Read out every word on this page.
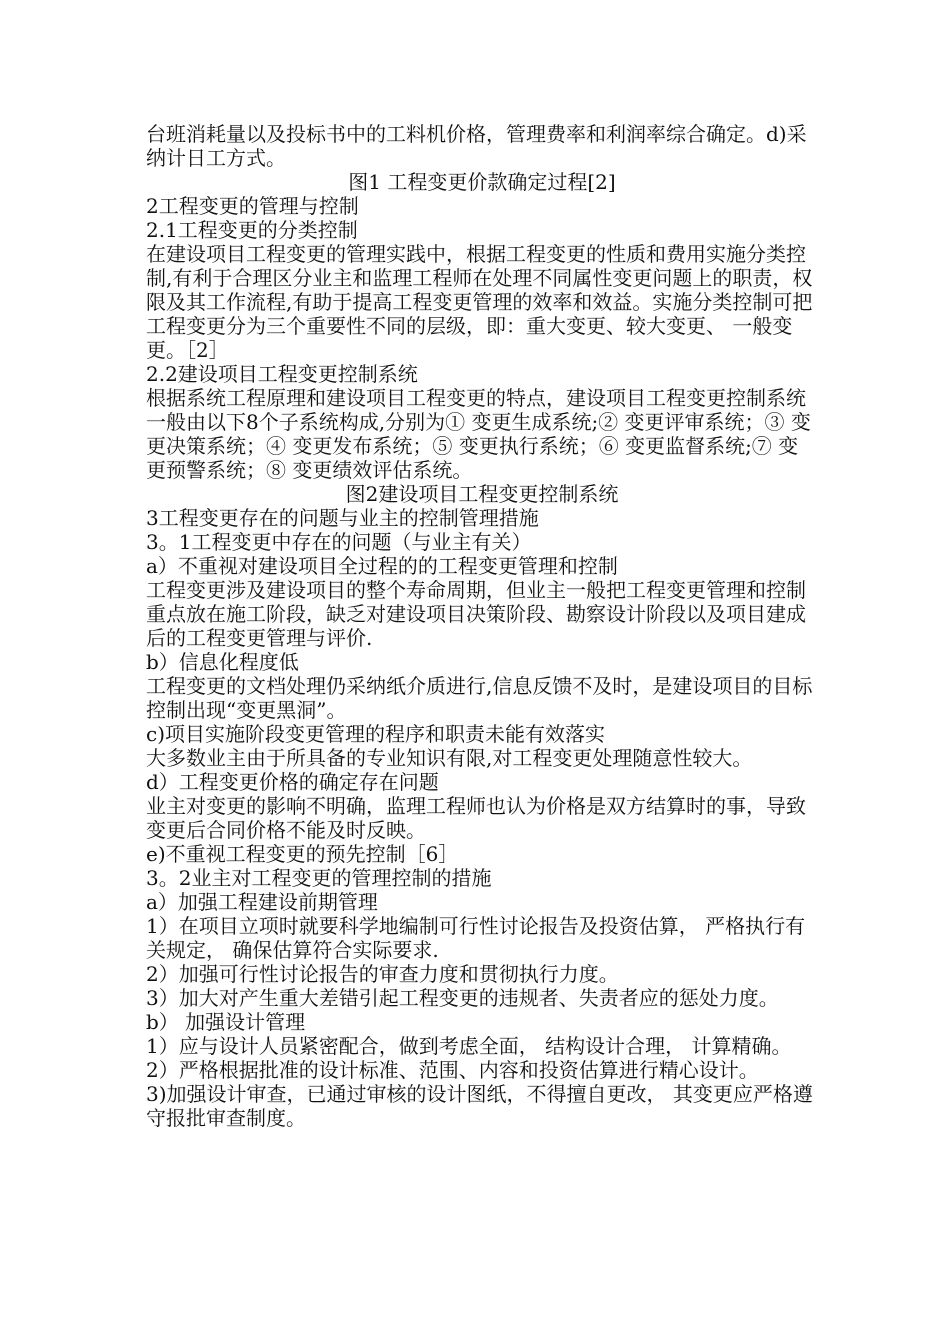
台班消耗量以及投标书中的工料机价格，管理费率和利润率综合确定。d)采纳计日工方式。

图1 工程变更价款确定过程[2]

2工程变更的管理与控制

2.1工程变更的分类控制

在建设项目工程变更的管理实践中，根据工程变更的性质和费用实施分类控制,有利于合理区分业主和监理工程师在处理不同属性变更问题上的职责，权限及其工作流程,有助于提高工程变更管理的效率和效益。实施分类控制可把工程变更分为三个重要性不同的层级，即：重大变更、较大变更、 一般变更。［2］

2.2建设项目工程变更控制系统

根据系统工程原理和建设项目工程变更的特点，建设项目工程变更控制系统一般由以下8个子系统构成,分别为① 变更生成系统;② 变更评审系统；③ 变更决策系统；④ 变更发布系统；⑤ 变更执行系统；⑥ 变更监督系统;⑦ 变更预警系统；⑧ 变更绩效评估系统。

图2建设项目工程变更控制系统

3工程变更存在的问题与业主的控制管理措施

3。1工程变更中存在的问题（与业主有关）

a）不重视对建设项目全过程的的工程变更管理和控制

工程变更涉及建设项目的整个寿命周期，但业主一般把工程变更管理和控制重点放在施工阶段，缺乏对建设项目决策阶段、勘察设计阶段以及项目建成后的工程变更管理与评价.

b）信息化程度低

工程变更的文档处理仍采纳纸介质进行,信息反馈不及时，是建设项目的目标控制出现“变更黑洞”。

c)项目实施阶段变更管理的程序和职责未能有效落实

大多数业主由于所具备的专业知识有限,对工程变更处理随意性较大。

d）工程变更价格的确定存在问题

业主对变更的影响不明确，监理工程师也认为价格是双方结算时的事，导致变更后合同价格不能及时反映。

e)不重视工程变更的预先控制［6］

3。2业主对工程变更的管理控制的措施

a）加强工程建设前期管理

1）在项目立项时就要科学地编制可行性讨论报告及投资估算， 严格执行有关规定， 确保估算符合实际要求.

2）加强可行性讨论报告的审查力度和贯彻执行力度。

3）加大对产生重大差错引起工程变更的违规者、失责者应的惩处力度。

b） 加强设计管理

1）应与设计人员紧密配合，做到考虑全面， 结构设计合理， 计算精确。

2）严格根据批准的设计标准、范围、内容和投资估算进行精心设计。

3)加强设计审查，已通过审核的设计图纸，不得擅自更改， 其变更应严格遵守报批审查制度。
